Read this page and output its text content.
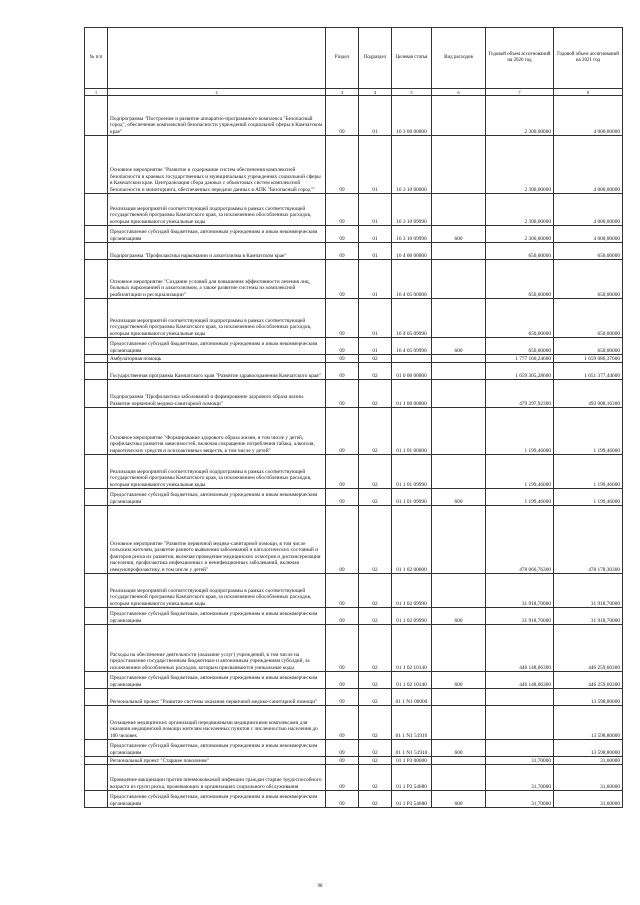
№ п/п		Раздел	Подраздел	Целевая статья	Вид расходов	Годовой объем ассигнований на 2020 год	Годовой объем ассигнований на 2021 год
1	2	3	4	5	6	7	8
	Подпрограмма "Построение и развитие аппаратно-программного комплекса "Безопасный город", обеспечение комплексной безопасности учреждений социальной сферы в Камчатском крае"	09	01	16 3 00 00000		2 300,00000	4 000,00000
	Основное мероприятие "Развитие и содержание систем обеспечения комплексной безопасности в краевых государственных и муниципальных учреждениях социальной сферы в Камчатском крае. Централизация сбора данных с объектовых систем комплексной безопасности и мониторинга, обеспеченных передачи данных в АПК "Безопасный город""	09	01	16 3 10 00000		2 300,00000	4 000,00000
	Реализация мероприятий соответствующей подпрограммы в рамках соответствующей государственной программы Камчатского края, за исключением обособленных расходов, которым присваиваются уникальные коды	09	01	16 3 10 09990		2 300,00000	4 000,00000
	Предоставление субсидий бюджетным, автономным учреждениям и иным некоммерческим организациям	09	01	16 3 10 09990	600	2 300,00000	4 000,00000
	Подпрограмма "Профилактика наркомании и алкоголизма в Камчатском крае"	09	01	16 4 00 00000		650,00000	650,00000
	Основное мероприятие "Создание условий для повышения эффективности лечения лиц, больных наркоманией и алкоголизмом, а также развитие системы их комплексной реабилитации и ресоциализации"	09	01	16 4 05 00000		650,00000	650,00000
	Реализация мероприятий соответствующей подпрограммы в рамках соответствующей государственной программы Камчатского края, за исключением обособленных расходов, которым присваиваются уникальные коды	09	01	16 4 05 09990		650,00000	650,00000
	Предоставление субсидий бюджетным, автономным учреждениям и иным некоммерческим организациям	09	01	16 4 05 09990	600	650,00000	650,00000
	Амбулаторная помощь	09	02			1 777 160,24600	1 659 086,37600
	Государственная программа Камчатского края "Развитие здравоохранения Камчатского края"	09	02	01 0 00 00000		1 659 305,28600	1 651 377,44600
	Подпрограмма "Профилактика заболеваний и формирование здорового образа жизни. Развитие первичной медико-санитарной помощи"	09	02	01 1 00 00000		479 297,92300	493 008,16300
	Основное мероприятие "Формирование здорового образа жизни, в том числе у детей, профилактика развития зависимостей, включая сокращение потребления табака, алкоголя, наркотических средств и психоактивных веществ, в том числе у детей"	09	02	01 1 01 00000		1 199,46000	1 199,46000
	Реализация мероприятий соответствующей подпрограммы в рамках соответствующей государственной программы Камчатского края, за исключением обособленных расходов, которым присваиваются уникальные коды	09	02	01 1 01 09990		1 199,46000	1 199,46000
	Предоставление субсидий бюджетным, автономным учреждениям и иным некоммерческим организациям	09	02	01 1 01 09990	600	1 199,46000	1 199,46000
	Основное мероприятие "Развитие первичной медико-санитарной помощи, в том числе сельским жителям, развитие раннего выявления заболеваний и патологических состояний и факторов риска их развития, включая проведение медицинских осмотров и диспансеризации населения, профилактика инфекционных и неинфекционных заболеваний, включая иммунопрофилактику, в том числе у детей"	09	02	01 1 02 00000		478 066,76300	478 178,30300
	Реализация мероприятий соответствующей подпрограммы в рамках соответствующей государственной программы Камчатского края, за исключением обособленных расходов, которым присваиваются уникальные коды	09	02	01 1 02 09990		31 918,70000	31 918,70000
	Предоставление субсидий бюджетным, автономным учреждениям и иным некоммерческим организациям	09	02	01 1 02 09990	600	31 918,70000	31 918,70000
	Расходы на обеспечение деятельности (оказание услуг) учреждений, в том числе на предоставление государственным бюджетным и автономным учреждениям субсидий, за исключением обособленных расходов, которым присваиваются уникальные коды	09	02	01 1 02 10140		446 148,06300	446 259,60300
	Предоставление субсидий бюджетным, автономным учреждениям и иным некоммерческим организациям	09	02	01 1 02 10140	600	446 148,06300	446 259,60300
	Региональный проект "Развитие системы оказания первичной медико-санитарной помощи"	09	02	01 1 N1 00000			13 598,80000
	Оснащение медицинских организаций передвижными медицинскими комплексами для оказания медицинской помощи жителям населенных пунктов с численностью населения до 100 человек	09	02	01 1 N1 51910			13 598,80000
	Предоставление субсидий бюджетным, автономным учреждениям и иным некоммерческим организациям	09	02	01 1 N1 51910	600		13 598,80000
	Региональный проект "Старшее поколение"	09	02	01 1 P3 00000		31,70000	31,60000
	Проведение вакцинации против пневмококковой инфекции граждан старше трудоспособного возраста из групп риска, проживающих в организациях социального обслуживания	09	02	01 1 P3 54680		31,70000	31,60000
	Предоставление субсидий бюджетным, автономным учреждениям и иным некоммерческим организациям	09	02	01 1 P3 54680	600	31,70000	31,60000
98
